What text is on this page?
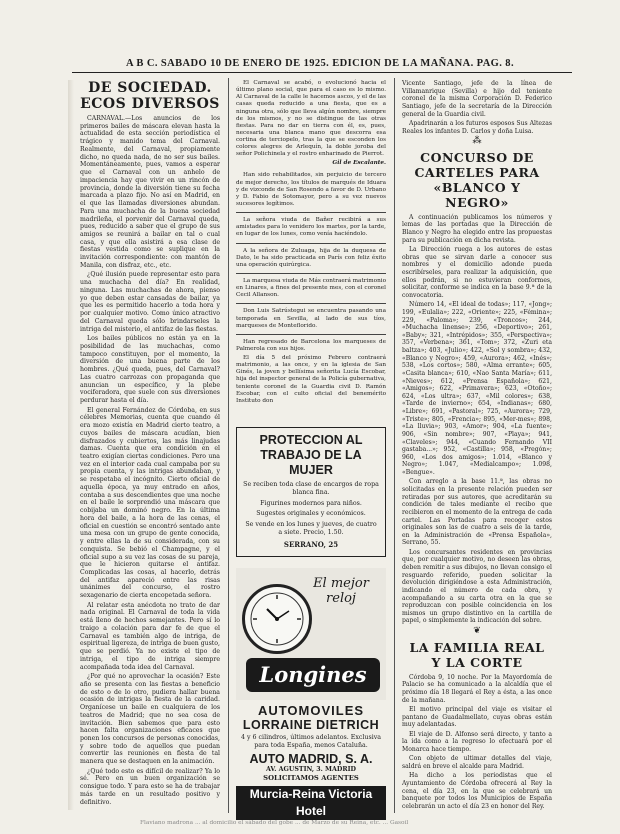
A B C. SABADO 10 DE ENERO DE 1925. EDICION DE LA MAÑANA. PAG. 8.
DE SOCIEDAD.
ECOS DIVERSOS

CARNAVAL.—Los anuncios de los primeros bailes de máscara elevan hasta la actualidad de esta sección periodística el trágico y manido tema del Carnaval. Realmente, del Carnaval, propiamente dicho, no queda nada, de no ser sus bailes. Momentáneamente, pues, vamos a esperar que el Carnaval con un anhelo de impaciencia hay que vivir en un rincón de provincia, donde la diversión tiene su fecha marcada a plazo fijo. No así en Madrid, en el que las llamadas diversiones abundan. Para una muchacha de la buena sociedad madrileña, el porvenir del Carnaval queda, pues, reducido a saber que el grupo de sus amigos se reunirá a bailar en tal o cual casa, y que ella asistirá a esa clase de fiestas vestida como se suplique en la invitación correspondiente: con mantón de Manila, con disfraz, etc., etc.

¿Qué ilusión puede representar esto para una muchacha del día? En realidad, ninguna. Las muchachas de ahora, pienso yo que deben estar cansadas de bailar, ya que les es permitido hacerlo a toda hora y por cualquier motivo. Como único atractivo del Carnaval queda sólo brindarseles la intriga del misterio, el antifaz de las fiestas.

Los bailes públicos no están ya en la posibilidad de las muchachas, como tampoco constituyen, por el momento, la diversión de una buena parte de los hombres. ¿Qué queda, pues, del Carnaval? Las cuatro carrozas con propaganda que anuncian un específico, y la plebe vociferadora, que suele con sus diversiones perdurar hasta el día.

El general Fernández de Córdoba, en sus célebres Memorias, cuenta que cuando él era mozo existía en Madrid cierto teatro, a cuyos bailes de máscara acudían, bien disfrazados y cubiertos, las más linajudas damas. Cuenta que era condición en el teatro exigían ciertas condiciones. Pero una vez en el interior cada cual campaba por su propia cuenta, y las intrigas abundaban, y se respetaba el incógnito. Cierto oficial de aquella época, ya muy entrado en años, contaba a sus descendientes que una noche en el baile le sorprendió una máscara que cobijaba un dominó negro. En la última hora del baile, a la hora de las cenas, el oficial en cuestión se encontró sentado ante una mesa con un grupo de gente conocida, y entre ellas la de su considerada, con su conquista. Se bebió el Champagne, y el oficial supo a su vez las cosas de su pareja, que le hicieron quitarse el antifaz. Complicadas las cosas, al hacerlo, detrás del antifaz apareció entre las risas unánimes del concurso, el rostro sexagenario de cierta encopetada señora.

Al relatar esta anécdota no trato de dar nada original. El Carnaval de toda la vida está lleno de hechos semejantes. Pero sí lo traigo a colación para dar fe de que el Carnaval es también algo de intriga, de espiritual ligereza, de intriga de buen gusto, que se perdió. Ya no existe el tipo de intriga, el tipo de intriga siempre acompañada toda idea del Carnaval.

¿Por qué no aprovechar la ocasión? Este año se presenta con las fiestas a beneficio de esto o de lo otro, pudiera hallar buena ocasión de intrigas la fiesta de la caridad. Organícese un baile en cualquiera de los teatros de Madrid; que no sea cosa de invitación. Bien sabemos que para esto hacen falta organizaciones eficaces que ponen los concursos de personas conocidas, y sobre todo de aquellos que puedan convertir las reuniones en fiesta de tal manera que se destaquen en la animación.

¿Qué todo esto es difícil de realizar? Ya lo sé. Pero en un buen organización se consigue todo. Y para esto se ha de trabajar más tarde en un resultado positivo y definitivo.

El Carnaval se acabó, o evolucionó hacia el último plano social, que para el caso es lo mismo. Al Carnaval de la calle le hacemos ascos, y el de las casas queda reducido a una fiesta, que es a ninguna otra, sólo que lleva algún nombre, siempre de los mismos, y no se distingue de las otras fiestas. Para no dar en tierra con él, es, pues, necesaria una blanca mano que descorra esa cortina de terciopelo, tras la que se esconden los colores alegres de Arlequín, la doble joroba del señor Polichinela y el rostro enharinado de Pierrot.

Gil de Escalante.

Han sido rehabilitados, sin perjuicio de tercero de mejor derecho, los títulos de marqués de Iduara y de vizconde de San Rosendo a favor de D. Urbano y D. Fabio de Sotomayor, pero a su vez nuevos sucesores legítimos.

La señora viuda de Bañer recibirá a sus amistades para lo venidero los martes, por la tarde, en lugar de los lunes, como venía haciéndolo.

A la señora de Zuluaga, hija de la duquesa de Dato, le ha sido practicada en París con feliz éxito una operación quirúrgica.

La marquesa viuda de Más contraerá matrimonio en Linares, a fines del presente mes, con el coronel Cecil Allanson.

Don Luis Satrústegui se encuentra pasando una temporada en Sevilla, al lado de sus tíos, marqueses de Monteflorido.

Han regresado de Barcelona los marqueses de Palmerola con sus hijos.

El día 5 del próximo Febrero contraerá matrimonio, a las once, y en la iglesia de San Ginés, la joven y bellísima señorita Lucía Escobar, hija del inspector general de la Policía gubernativa, teniente coronel de la Guardia civil D. Ramón Escobar, con el culto oficial del benemérito Instituto don

PROTECCION AL TRABAJO DE LA MUJER
Se reciben toda clase de encargos de ropa blanca fina.
Figurines modernos para niños.
Sugestes originales y económicos.
Se vende en los lunes y jueves, de cuatro a siete. Precio, 1.50.
SERRANO, 25
El mejor reloj
Longines
AUTOMOVILES
LORRAINE DIETRICH
4 y 6 cilindros, últimos adelantos. Exclusiva para toda España, menos Cataluña.
AUTO MADRID, S. A.
AV. AGUSTIN, 3. MADRID
SOLICITAMOS AGENTES
Murcia-Reina Victoria Hotel

Vicente Santiago, jefe de la línea de Villamanrique (Sevilla) e hijo del teniente coronel de la misma Corporación D. Federico Santiago, jefe de la secretaría de la Dirección general de la Guardia civil.

Apadrinarán a los futuros esposos Sus Altezas Reales los infantes D. Carlos y doña Luisa.

⁂
CONCURSO DE CARTELES PARA «BLANCO Y NEGRO»

A continuación publicamos los números y lemas de las portadas que la Dirección de Blanco y Negro ha elegido entre las propuestas para su publicación en dicha revista.

La Dirección ruega a los autores de estas obras que se sirvan darle a conocer sus nombres y el domicilio adonde pueda escribírseles, para realizar la adquisición, que ellos podrán, si no estuvieran conformes, solicitar, conforme se indica en la base 9.ª de la convocatoria.

Número 14, «El ideal de todas»; 117, «Jong»; 199, «Eulalia»; 222, «Oriente»; 225, «Fémina»; 229, «Paloma»; 239, «Troncos»; 244, «Muchacha linense»; 256, «Deportivo»; 261, «Baby»; 321, «Intrépidos»; 355, «Perspectiva»; 357, «Verbena»; 361, «Tom»; 372, «Zuri eta baltza»; 403, «Julio»; 422, «Sol y sombra»; 432, «Blanco y Negro»; 459, «Aurora»; 462, «Inés»; 538, «Los cortos»; 580, «Alma errante»; 605, «Casita blanca»; 610, «Nao Santa María»; 611, «Nieves»; 612, «Prensa Española»; 621, «Amigos»; 622, «Primavera»; 623, «Otoño»; 624, «Los ultra»; 637, «Mil colores»; 638, «Tarde de invierno»; 654, «Indianas»; 680, «Libre»; 691, «Pastoral»; 725, «Aurora»; 729, «Triste»; 805, «Frencia»; 895, «Mer-mes»; 898, «La lluvia»; 903, «Amor»; 904, «La fuente»; 906, «Sin nombre»; 907, «Playa»; 941, «Claveles»; 944, «Cuando Fernando VII gastaba...»; 952, «Castilla»; 958, «Pregón»; 960, «Los dos amigos»; 1.014, «Blanco y Negro»; 1.047, «Medialcampo»; 1.098, «Bengue».

Con arreglo a la base 11.ª, las obras no solicitadas en la presente relación pueden ser retiradas por sus autores, que acreditarán su condición de tales mediante el recibo que recibieron en el momento de la entrega de cada cartel. Las Portadas para recoger estos originales son las de cuatro a seis de la tarde, en la Administración de «Prensa Española», Serrano, 55.

Los concursantes residentes en provincias que, por cualquier motivo, no deseen las obras, deben remitir a sus dibujos, no llevan consigo el resguardo referido, pueden solicitar la devolución dirigiéndose a esta Administración, indicando el número de cada obra, y acompañando a su carta otra en la que se reproduzcan con posible coincidencia en los mismos un grupo distintivo en la cartilla de papel, o simplemente la indicación del sobre.

❦
LA FAMILIA REAL
Y LA CORTE

Córdoba 9, 10 noche. Por la Mayordomía de Palacio se ha comunicado a la alcaldía que el próximo día 18 llegará el Rey a ésta, a las once de la mañana.

El motivo principal del viaje es visitar el pantano de Guadalmellato, cuyas obras están muy adelantadas.

El viaje de D. Alfonso será directo, y tanto a la ida como a la regreso lo efectuará por el Monarca hace tiempo.

Con objeto de ultimar detalles del viaje, saldrá en breve el alcalde para Madrid.

Ha dicho a los periodistas que el Ayuntamiento de Córdoba ofrecerá al Rey la cena, el día 23, en la que se celebrará un banquete por todos los Municipios de España celebrarán un acto el día 23 en honor del Rey.

Flaviano madrona ... al domicilio el sábado del gobe ... de Marzo de su Reina, etc. ... Gasoil
